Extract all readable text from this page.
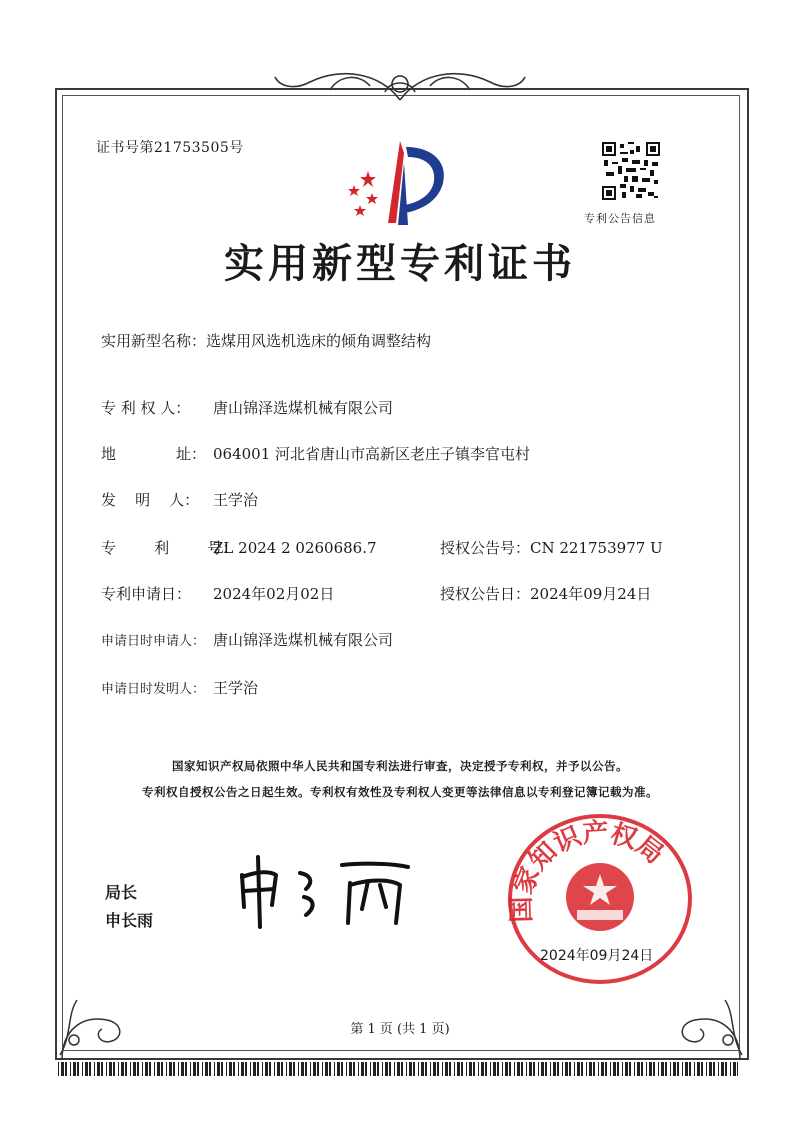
证书号第21753505号
专利公告信息
实用新型专利证书
实用新型名称：选煤用风选机选床的倾角调整结构
专 利 权 人： 唐山锦泽选煤机械有限公司
地	址： 064001 河北省唐山市高新区老庄子镇李官屯村
发    明    人： 王学治
专        利        号：ZL 2024 2 0260686.7	授权公告号：CN 221753977 U
专利申请日： 2024年02月02日	授权公告日：2024年09月24日
申请日时申请人： 唐山锦泽选煤机械有限公司
申请日时发明人： 王学治
国家知识产权局依照中华人民共和国专利法进行审查，决定授予专利权，并予以公告。
专利权自授权公告之日起生效。专利权有效性及专利权人变更等法律信息以专利登记簿记载为准。
局长
申长雨	国家知识产权局
2024年09月24日
第 1 页 (共 1 页)
